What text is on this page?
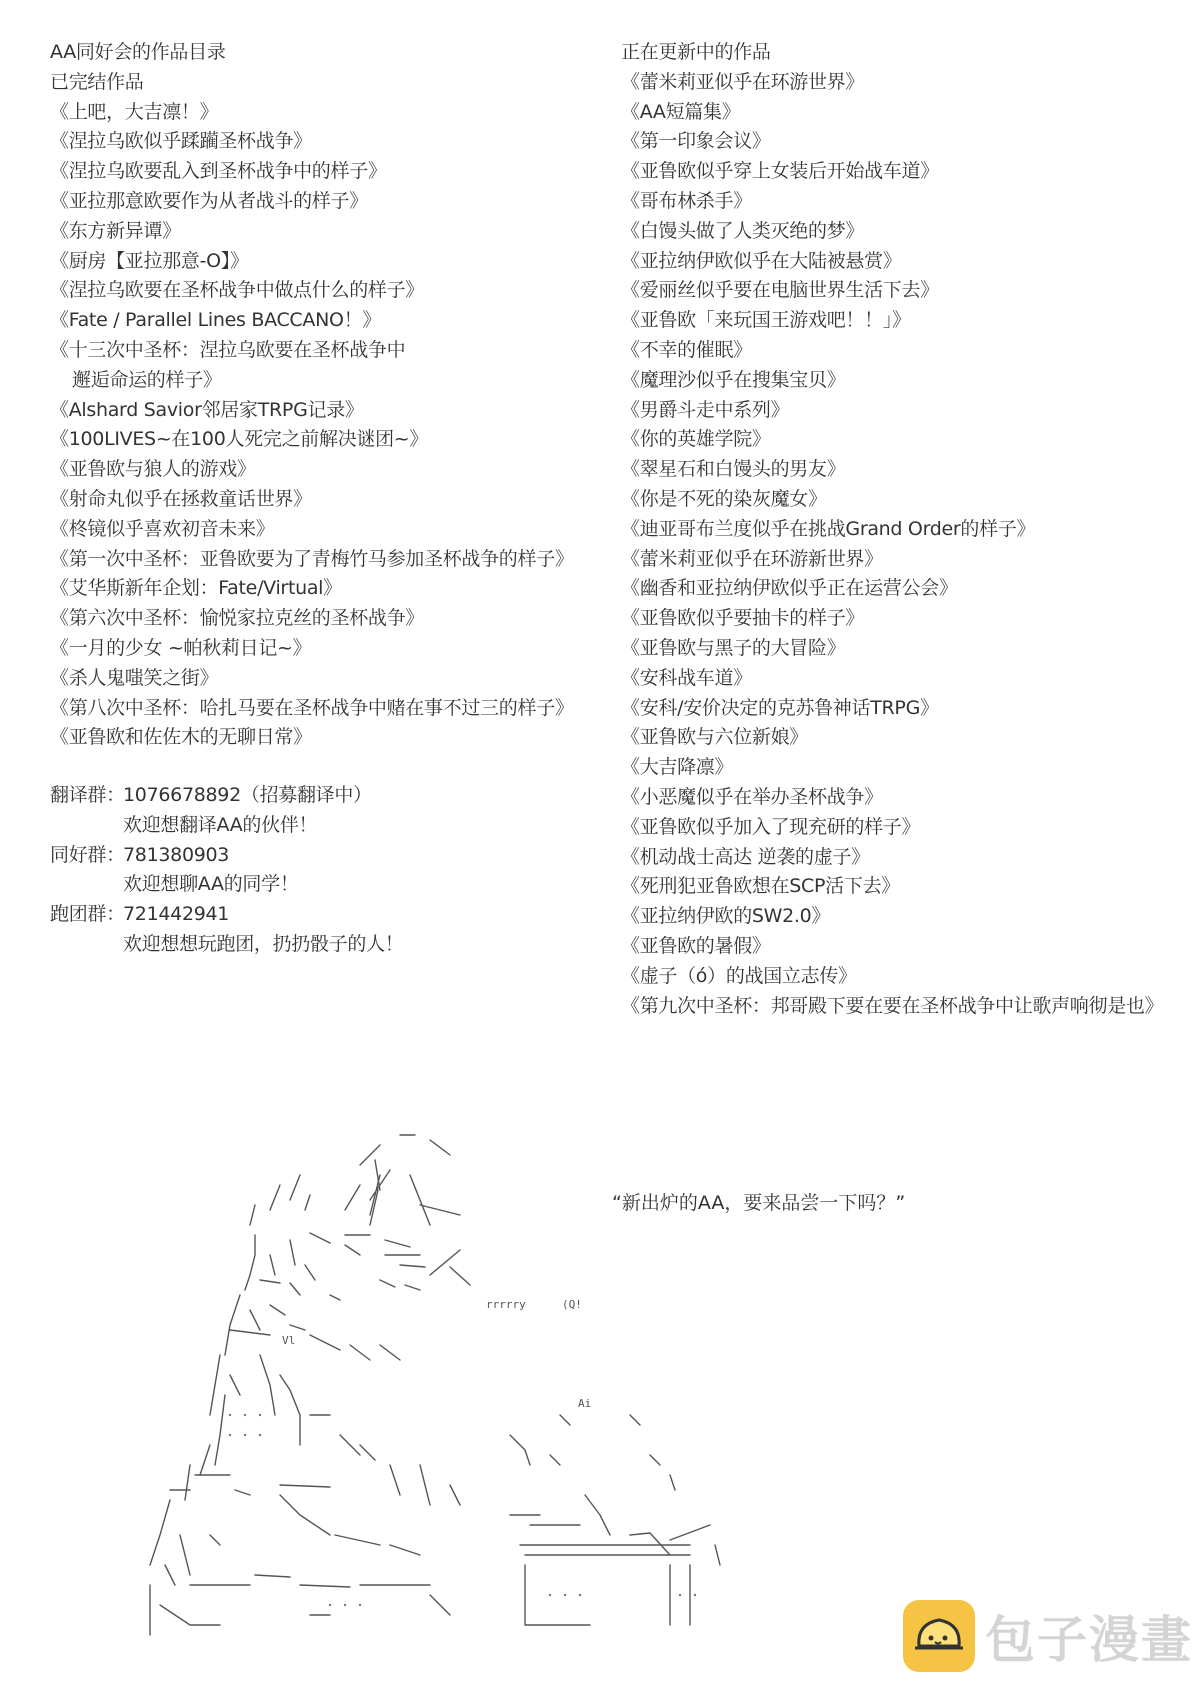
AA同好会的作品目录
已完结作品
《上吧，大吉凛！》
《涅拉乌欧似乎蹂躏圣杯战争》
《涅拉乌欧要乱入到圣杯战争中的样子》
《亚拉那意欧要作为从者战斗的样子》
《东方新异谭》
《厨房【亚拉那意-O】》
《涅拉乌欧要在圣杯战争中做点什么的样子》
《Fate / Parallel Lines BACCANO！》
《十三次中圣杯：涅拉乌欧要在圣杯战争中
邂逅命运的样子》
《Alshard Savior邻居家TRPG记录》
《100LIVES~在100人死完之前解决谜团~》
《亚鲁欧与狼人的游戏》
《射命丸似乎在拯救童话世界》
《柊镜似乎喜欢初音未来》
《第一次中圣杯：亚鲁欧要为了青梅竹马参加圣杯战争的样子》
《艾华斯新年企划：Fate/Virtual》
《第六次中圣杯：愉悦家拉克丝的圣杯战争》
《一月的少女 ~帕秋莉日记~》
《杀人鬼嗤笑之街》
《第八次中圣杯：哈扎马要在圣杯战争中赌在事不过三的样子》
《亚鲁欧和佐佐木的无聊日常》
翻译群：
1076678892（招募翻译中）
欢迎想翻译AA的伙伴！
同好群：
781380903
欢迎想聊AA的同学！
跑团群：
721442941
欢迎想想玩跑团，扔扔骰子的人！
正在更新中的作品
《蕾米莉亚似乎在环游世界》
《AA短篇集》
《第一印象会议》
《亚鲁欧似乎穿上女装后开始战车道》
《哥布林杀手》
《白馒头做了人类灭绝的梦》
《亚拉纳伊欧似乎在大陆被悬赏》
《爱丽丝似乎要在电脑世界生活下去》
《亚鲁欧「来玩国王游戏吧！！」》
《不幸的催眠》
《魔理沙似乎在搜集宝贝》
《男爵斗走中系列》
《你的英雄学院》
《翠星石和白馒头的男友》
《你是不死的染灰魔女》
《迪亚哥布兰度似乎在挑战Grand Order的样子》
《蕾米莉亚似乎在环游新世界》
《幽香和亚拉纳伊欧似乎正在运营公会》
《亚鲁欧似乎要抽卡的样子》
《亚鲁欧与黑子的大冒险》
《安科战车道》
《安科/安价决定的克苏鲁神话TRPG》
《亚鲁欧与六位新娘》
《大吉降凛》
《小恶魔似乎在举办圣杯战争》
《亚鲁欧似乎加入了现充研的样子》
《机动战士高达 逆袭的虚子》
《死刑犯亚鲁欧想在SCP活下去》
《亚拉纳伊欧的SW2.0》
《亚鲁欧的暑假》
《虚子（ó）的战国立志传》
《第九次中圣杯：邦哥殿下要在要在圣杯战争中让歌声响彻是也》
rrrrry	(Q!
Vl
Ai
“新出炉的AA，要来品尝一下吗？”
包子漫畫
